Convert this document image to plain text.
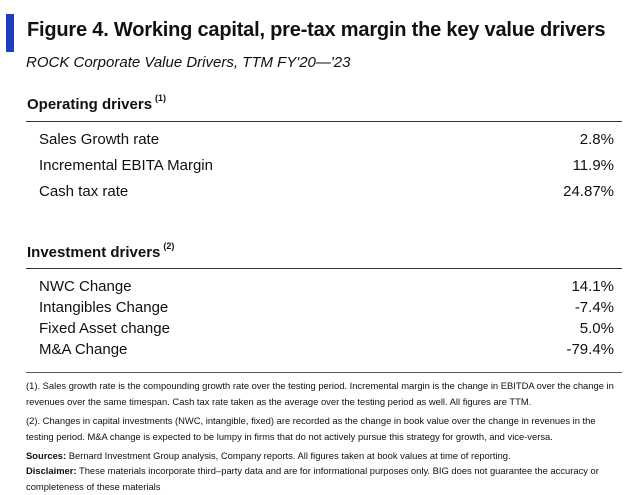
Figure 4. Working capital, pre-tax margin the key value drivers
ROCK Corporate Value Drivers, TTM FY'20—'23
Operating drivers $^{(1)}$
Sales Growth rate	2.8%
Incremental EBITA Margin	11.9%
Cash tax rate	24.87%
Investment drivers $^{(2)}$
NWC Change	14.1%
Intangibles Change	-7.4%
Fixed Asset change	5.0%
M&A Change	-79.4%
(1). Sales growth rate is the compounding growth rate over the testing period. Incremental margin is the change in EBITDA over the change in revenues over the same timespan. Cash tax rate taken as the average over the testing period as well. All figures are TTM.
(2). Changes in capital investments (NWC, intangible, fixed) are recorded as the change in book value over the change in revenues in the testing period. M&A change is expected to be lumpy in firms that do not actively pursue this strategy for growth, and vice-versa.
Sources: Bernard Investment Group analysis, Company reports. All figures taken at book values at time of reporting.
Disclaimer: These materials incorporate third–party data and are for informational purposes only. BIG does not guarantee the accuracy or completeness of these materials
